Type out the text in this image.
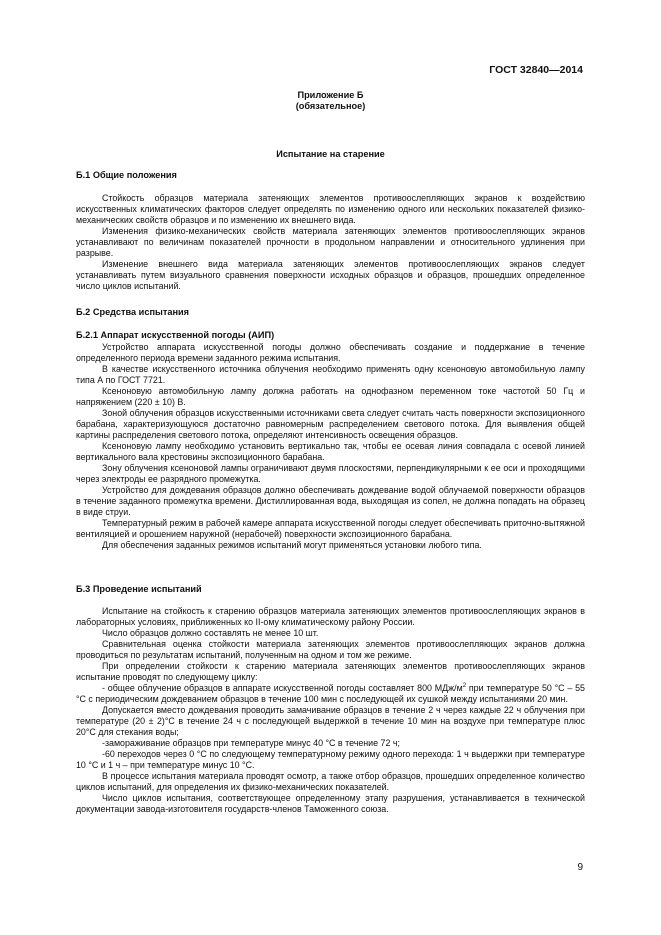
ГОСТ 32840—2014
Приложение Б
(обязательное)
Испытание на старение
Б.1 Общие положения

Стойкость образцов материала затеняющих элементов противоослепляющих экранов к воздействию искусственных климатических факторов следует определять по изменению одного или нескольких показателей физико-механических свойств образцов и по изменению их внешнего вида.

Изменения физико-механических свойств материала затеняющих элементов противоослепляющих экранов устанавливают по величинам показателей прочности в продольном направлении и относительного удлинения при разрыве.

Изменение внешнего вида материала затеняющих элементов противоослепляющих экранов следует устанавливать путем визуального сравнения поверхности исходных образцов и образцов, прошедших определенное число циклов испытаний.

Б.2 Средства испытания
Б.2.1 Аппарат искусственной погоды (АИП)

Устройство аппарата искусственной погоды должно обеспечивать создание и поддержание в течение определенного периода времени заданного режима испытания.

В качестве искусственного источника облучения необходимо применять одну ксеноновую автомобильную лампу типа А по ГОСТ 7721.

Ксеноновую автомобильную лампу должна работать на однофазном переменном токе частотой 50 Гц и напряжением (220 ± 10) В.

Зоной облучения образцов искусственными источниками света следует считать часть поверхности экспозиционного барабана, характеризующуюся достаточно равномерным распределением светового потока. Для выявления общей картины распределения светового потока, определяют интенсивность освещения образцов.

Ксеноновую лампу необходимо установить вертикально так, чтобы ее осевая линия совпадала с осевой линией вертикального вала крестовины экспозиционного барабана.

Зону облучения ксеноновой лампы ограничивают двумя плоскостями, перпендикулярными к ее оси и проходящими через электроды ее разрядного промежутка.

Устройство для дождевания образцов должно обеспечивать дождевание водой облучаемой поверхности образцов в течение заданного промежутка времени. Дистиллированная вода, выходящая из сопел, не должна попадать на образец в виде струи.

Температурный режим в рабочей камере аппарата искусственной погоды следует обеспечивать приточно-вытяжной вентиляцией и орошением наружной (нерабочей) поверхности экспозиционного барабана.

Для обеспечения заданных режимов испытаний могут применяться установки любого типа.

Б.3 Проведение испытаний

Испытание на стойкость к старению образцов материала затеняющих элементов противоослепляющих экранов в лабораторных условиях, приближенных ко II-ому климатическому району России.

Число образцов должно составлять не менее 10 шт.

Сравнительная оценка стойкости материала затеняющих элементов противоослепляющих экранов должна проводиться по результатам испытаний, полученным на одном и том же режиме.

При определении стойкости к старению материала затеняющих элементов противоослепляющих экранов испытание проводят по следующему циклу:

- общее облучение образцов в аппарате искусственной погоды составляет 800 МДж/$м^2$ при температуре 50 °С – 55 °С с периодическим дождеванием образцов в течение 100 мин с последующей их сушкой между испытаниями 20 мин.

Допускается вместо дождевания проводить замачивание образцов в течение 2 ч через каждые 22 ч облучения при температуре (20 ± 2)°С в течение 24 ч с последующей выдержкой в течение 10 мин на воздухе при температуре плюс 20°С для стекания воды;

-замораживание образцов при температуре минус 40 °С в течение 72 ч;

-60 переходов через 0 °С по следующему температурному режиму одного перехода: 1 ч выдержки при температуре 10 °С и 1 ч – при температуре минус 10 °С.

В процессе испытания материала проводят осмотр, а также отбор образцов, прошедших определенное количество циклов испытаний, для определения их физико-механических показателей.

Число циклов испытания, соответствующее определенному этапу разрушения, устанавливается в технической документации завода-изготовителя государств-членов Таможенного союза.

9
